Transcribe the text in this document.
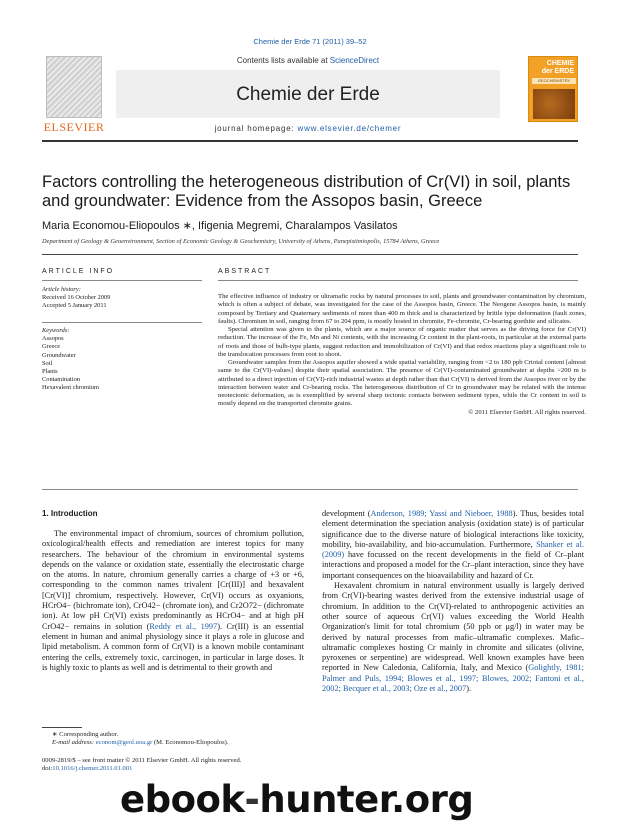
Chemie der Erde 71 (2011) 39–52
ELSEVIER
Contents lists available at ScienceDirect
Chemie der Erde
journal homepage: www.elsevier.de/chemer
CHEMIE
der ERDE
GEOCHEMISTRY
Factors controlling the heterogeneous distribution of Cr(VI) in soil, plants and groundwater: Evidence from the Assopos basin, Greece
Maria Economou-Eliopoulos ∗, Ifigenia Megremi, Charalampos Vasilatos
Department of Geology & Geoenvironment, Section of Economic Geology & Geochemistry, University of Athens, Panepistimiopolis, 15784 Athens, Greece
ARTICLE INFO	ABSTRACT
Article history:
Received 16 October 2009
Accepted 5 January 2011
Keywords:
Assopos
Greece
Groundwater
Soil
Plants
Contamination
Hexavalent chromium

The effective influence of industry or ultramafic rocks by natural processes to soil, plants and groundwater contamination by chromium, which is often a subject of debate, was investigated for the case of the Assopos basin, Greece. The Neogene Assopos basin, is mainly composed by Tertiary and Quaternary sediments of more than 400 m thick and is characterized by brittle type deformation (fault zones, faults). Chromium in soil, ranging from 67 to 204 ppm, is mostly hosted in chromite, Fe-chromite, Cr-bearing goethite and silicates.

Special attention was given to the plants, which are a major source of organic matter that serves as the driving force for Cr(VI) reduction. The increase of the Fe, Mn and Ni contents, with the increasing Cr content in the plant-roots, in particular at the external parts of roots and those of bulb-type plants, suggest reduction and immobilization of Cr(VI) and that redox reactions play a significant role to the translocation processes from root to shoot.

Groundwater samples from the Assopos aquifer showed a wide spatial variability, ranging from <2 to 180 ppb Crtotal content [almost same to the Cr(VI)-values] despite their spatial association. The presence of Cr(VI)-contaminated groundwater at depths >200 m is attributed to a direct injection of Cr(VI)-rich industrial wastes at depth rather than that Cr(VI) is derived from the Assopos river or by the interaction between water and Cr-bearing rocks. The heterogeneous distribution of Cr in groundwater may be related with the intense neotectonic deformation, as is exemplified by several sharp tectonic contacts between sediment types, while the Cr content in soil is mostly depend on the transported chromite grains.

© 2011 Elsevier GmbH. All rights reserved.

1. Introduction

The environmental impact of chromium, sources of chromium pollution, oxicological/health effects and remediation are interest topics for many researchers. The behaviour of the chromium in environmental systems depends on the valance or oxidation state, essentially the electrostatic charge on the atoms. In nature, chromium generally carries a charge of +3 or +6, corresponding to the common names trivalent [Cr(III)] and hexavalent [Cr(VI)] chromium, respectively. However, Cr(VI) occurs as oxyanions, HCrO4− (bichromate ion), CrO42− (chromate ion), and Cr2O72− (dichromate ion). At low pH Cr(VI) exists predominantly as HCrO4− and at high pH CrO42− remains in solution (Reddy et al., 1997). Cr(III) is an essential element in human and animal physiology since it plays a role in glucose and lipid metabolism. A common form of Cr(VI) is a known mobile contaminant entering the cells, extremely toxic, carcinogen, in particular in large doses. It is highly toxic to plants as well and is detrimental to their growth and

development (Anderson, 1989; Yassi and Nieboer, 1988). Thus, besides total element determination the speciation analysis (oxidation state) is of particular significance due to the diverse nature of biological interactions like toxicity, mobility, bio-availability, and bio-accumulation. Furthermore, Shanker et al. (2009) have focussed on the recent developments in the field of Cr–plant interactions and proposed a model for the Cr–plant interaction, since they have important consequences on the bioavailability and hazard of Cr.

Hexavalent chromium in natural environment usually is largely derived from Cr(VI)-bearing wastes derived from the extensive industrial usage of chromium. In addition to the Cr(VI)-related to anthropogenic activities an other source of aqueous Cr(VI) values exceeding the World Health Organization's limit for total chromium (50 ppb or μg/l) in water may be derived by natural processes from mafic–ultramafic complexes. Mafic–ultramafic complexes hosting Cr mainly in chromite and silicates (olivine, pyroxenes or serpentine) are widespread. Well known examples have been reported in New Caledonia, California, Italy, and Mexico (Golightly, 1981; Palmer and Puls, 1994; Blowes et al., 1997; Blowes, 2002; Fantoni et al., 2002; Becquer et al., 2003; Oze et al., 2007).

∗ Corresponding author.
E-mail address: econom@geol.uoa.gr (M. Economou-Eliopoulos).
0009-2819/$ – see front matter © 2011 Elsevier GmbH. All rights reserved.
doi:10.1016/j.chemer.2011.01.001
ebook-hunter.org
